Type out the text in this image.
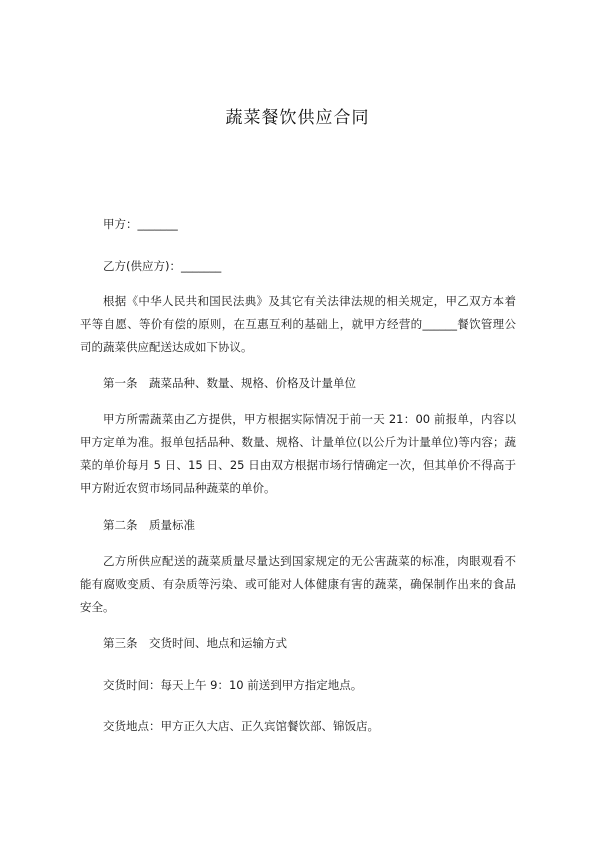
蔬菜餐饮供应合同
甲方：_______
乙方(供应方)：_______
根据《中华人民共和国民法典》及其它有关法律法规的相关规定，甲乙双方本着平等自愿、等价有偿的原则，在互惠互利的基础上，就甲方经营的______餐饮管理公司的蔬菜供应配送达成如下协议。
第一条　蔬菜品种、数量、规格、价格及计量单位
甲方所需蔬菜由乙方提供，甲方根据实际情况于前一天 21：00 前报单，内容以甲方定单为准。报单包括品种、数量、规格、计量单位(以公斤为计量单位)等内容；蔬菜的单价每月 5 日、15 日、25 日由双方根据市场行情确定一次，但其单价不得高于甲方附近农贸市场同品种蔬菜的单价。
第二条　质量标准
乙方所供应配送的蔬菜质量尽量达到国家规定的无公害蔬菜的标准，肉眼观看不能有腐败变质、有杂质等污染、或可能对人体健康有害的蔬菜，确保制作出来的食品安全。
第三条　交货时间、地点和运输方式
交货时间：每天上午 9：10 前送到甲方指定地点。
交货地点：甲方正久大店、正久宾馆餐饮部、锦饭店。
